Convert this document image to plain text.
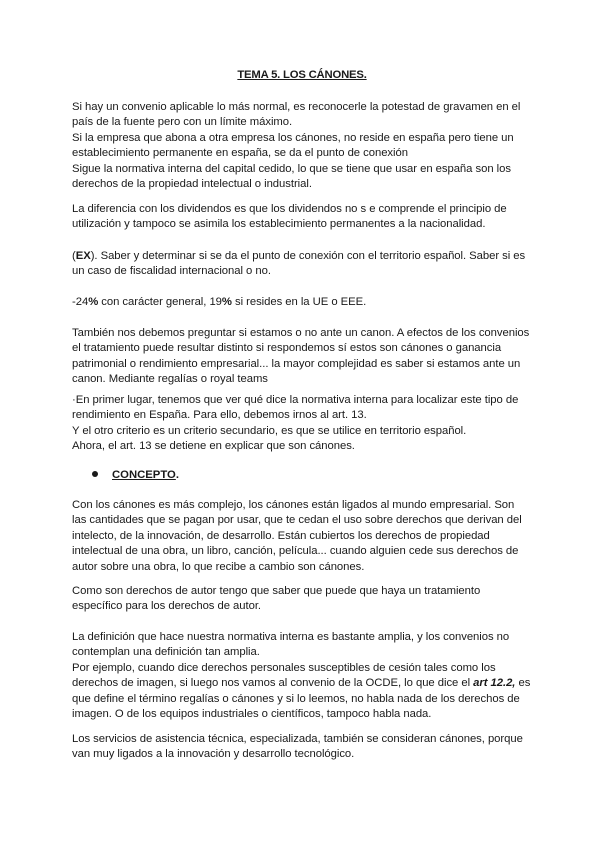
TEMA 5. LOS CÁNONES.

Si hay un convenio aplicable lo más normal, es reconocerle la potestad de gravamen en el
país de la fuente pero con un límite máximo.
Si la empresa que abona a otra empresa los cánones, no reside en españa pero tiene un
establecimiento permanente en españa, se da el punto de conexión
Sigue la normativa interna del capital cedido, lo que se tiene que usar en españa son los
derechos de la propiedad intelectual o industrial.

La diferencia con los dividendos es que los dividendos no s e comprende el principio de
utilización y tampoco se asimila los establecimiento permanentes a la nacionalidad.

(EX). Saber y determinar si se da el punto de conexión con el territorio español. Saber si es
un caso de fiscalidad internacional o no.

-24% con carácter general, 19% si resides en la UE o EEE.

También nos debemos preguntar si estamos o no ante un canon. A efectos de los convenios
el tratamiento puede resultar distinto si respondemos sí estos son cánones o ganancia
patrimonial o rendimiento empresarial... la mayor complejidad es saber si estamos ante un
canon. Mediante regalías o royal teams

·En primer lugar, tenemos que ver qué dice la normativa interna para localizar este tipo de
rendimiento en España. Para ello, debemos irnos al art. 13.
Y el otro criterio es un criterio secundario, es que se utilice en territorio español.
Ahora, el art. 13 se detiene en explicar que son cánones.

CONCEPTO.

Con los cánones es más complejo, los cánones están ligados al mundo empresarial. Son
las cantidades que se pagan por usar, que te cedan el uso sobre derechos que derivan del
intelecto, de la innovación, de desarrollo. Están cubiertos los derechos de propiedad
intelectual de una obra, un libro, canción, película... cuando alguien cede sus derechos de
autor sobre una obra, lo que recibe a cambio son cánones.

Como son derechos de autor tengo que saber que puede que haya un tratamiento
específico para los derechos de autor.

La definición que hace nuestra normativa interna es bastante amplia, y los convenios no
contemplan una definición tan amplia.
Por ejemplo, cuando dice derechos personales susceptibles de cesión tales como los
derechos de imagen, si luego nos vamos al convenio de la OCDE, lo que dice el art 12.2, es
que define el término regalías o cánones y si lo leemos, no habla nada de los derechos de
imagen. O de los equipos industriales o científicos, tampoco habla nada.

Los servicios de asistencia técnica, especializada, también se consideran cánones, porque
van muy ligados a la innovación y desarrollo tecnológico.
